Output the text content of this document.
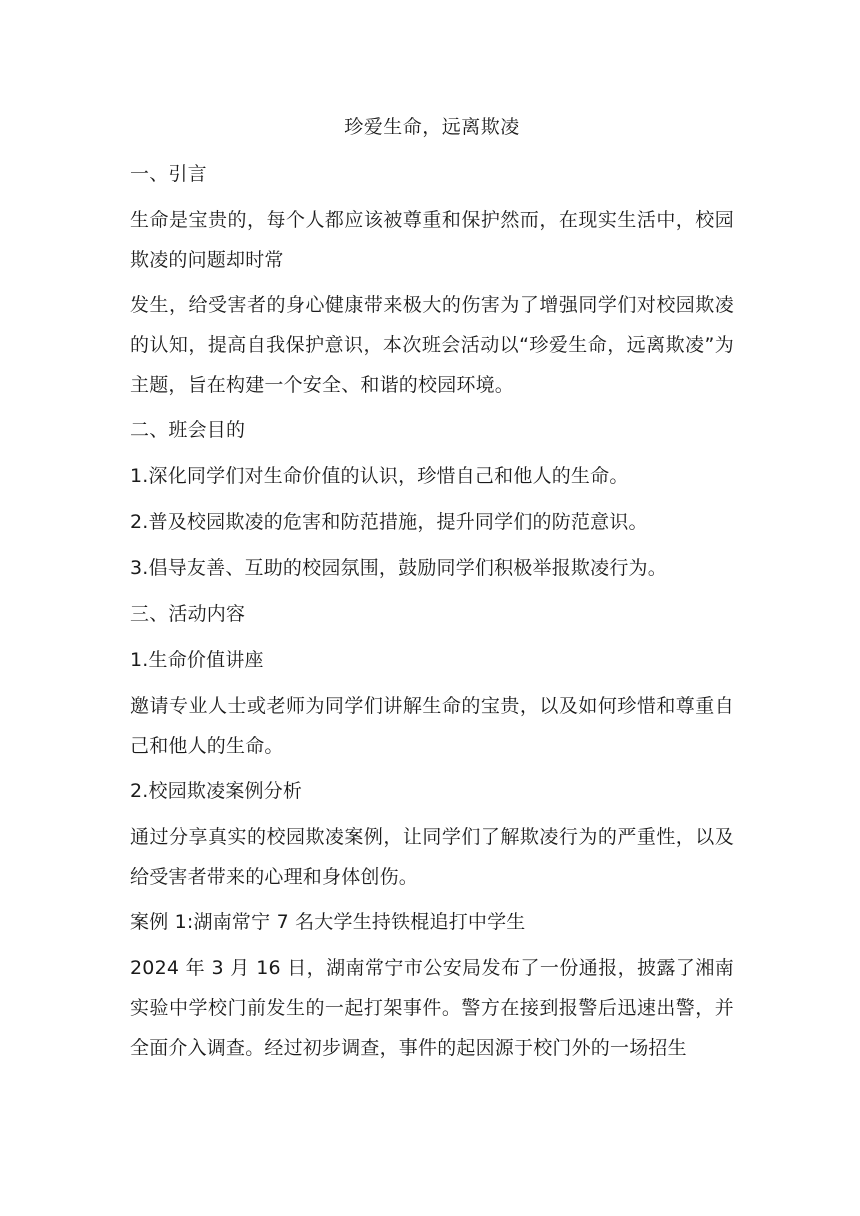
珍爱生命，远离欺凌
一、引言
生命是宝贵的，每个人都应该被尊重和保护然而，在现实生活中，校园欺凌的问题却时常
发生，给受害者的身心健康带来极大的伤害为了增强同学们对校园欺凌的认知，提高自我保护意识，本次班会活动以“珍爱生命，远离欺凌”为主题，旨在构建一个安全、和谐的校园环境。
二、班会目的
1.深化同学们对生命价值的认识，珍惜自己和他人的生命。
2.普及校园欺凌的危害和防范措施，提升同学们的防范意识。
3.倡导友善、互助的校园氛围，鼓励同学们积极举报欺凌行为。
三、活动内容
1.生命价值讲座
邀请专业人士或老师为同学们讲解生命的宝贵，以及如何珍惜和尊重自己和他人的生命。
2.校园欺凌案例分析
通过分享真实的校园欺凌案例，让同学们了解欺凌行为的严重性，以及给受害者带来的心理和身体创伤。
案例 1:湖南常宁 7 名大学生持铁棍追打中学生
2024 年 3 月 16 日，湖南常宁市公安局发布了一份通报，披露了湘南实验中学校门前发生的一起打架事件。警方在接到报警后迅速出警，并全面介入调查。经过初步调查，事件的起因源于校门外的一场招生
